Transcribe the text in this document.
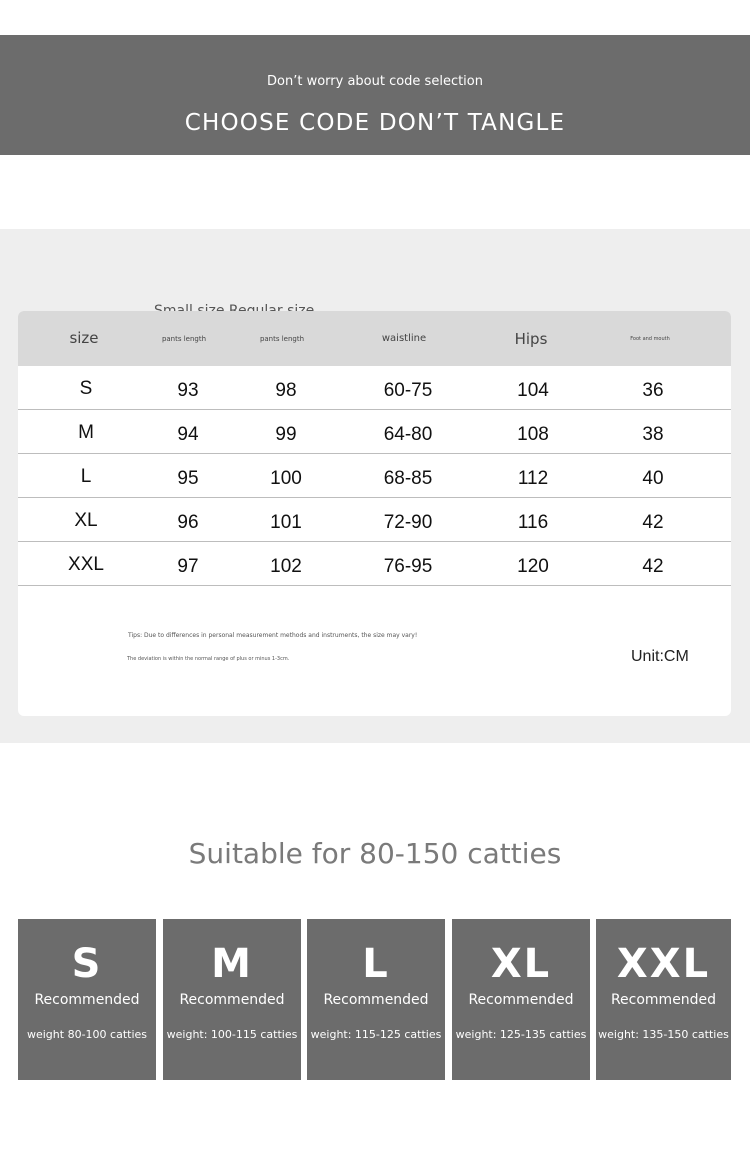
Don’t worry about code selection
CHOOSE CODE DON’T TANGLE
size	pants length	pants length	waistline	Hips	Foot and mouth
S	93	98	60-75	104	36
M	94	99	64-80	108	38
L	95	100	68-85	112	40
XL	96	101	72-90	116	42
XXL	97	102	76-95	120	42
Tips: Due to differences in personal measurement methods and instruments, the size may vary!
The deviation is within the normal range of plus or minus 1-3cm.	Unit:CM
Suitable for 80-150 catties
S
Recommended
weight 80-100 catties
M
Recommended
weight: 100-115 catties
L
Recommended
weight: 115-125 catties
XL
Recommended
weight: 125-135 catties
XXL
Recommended
weight: 135-150 catties
